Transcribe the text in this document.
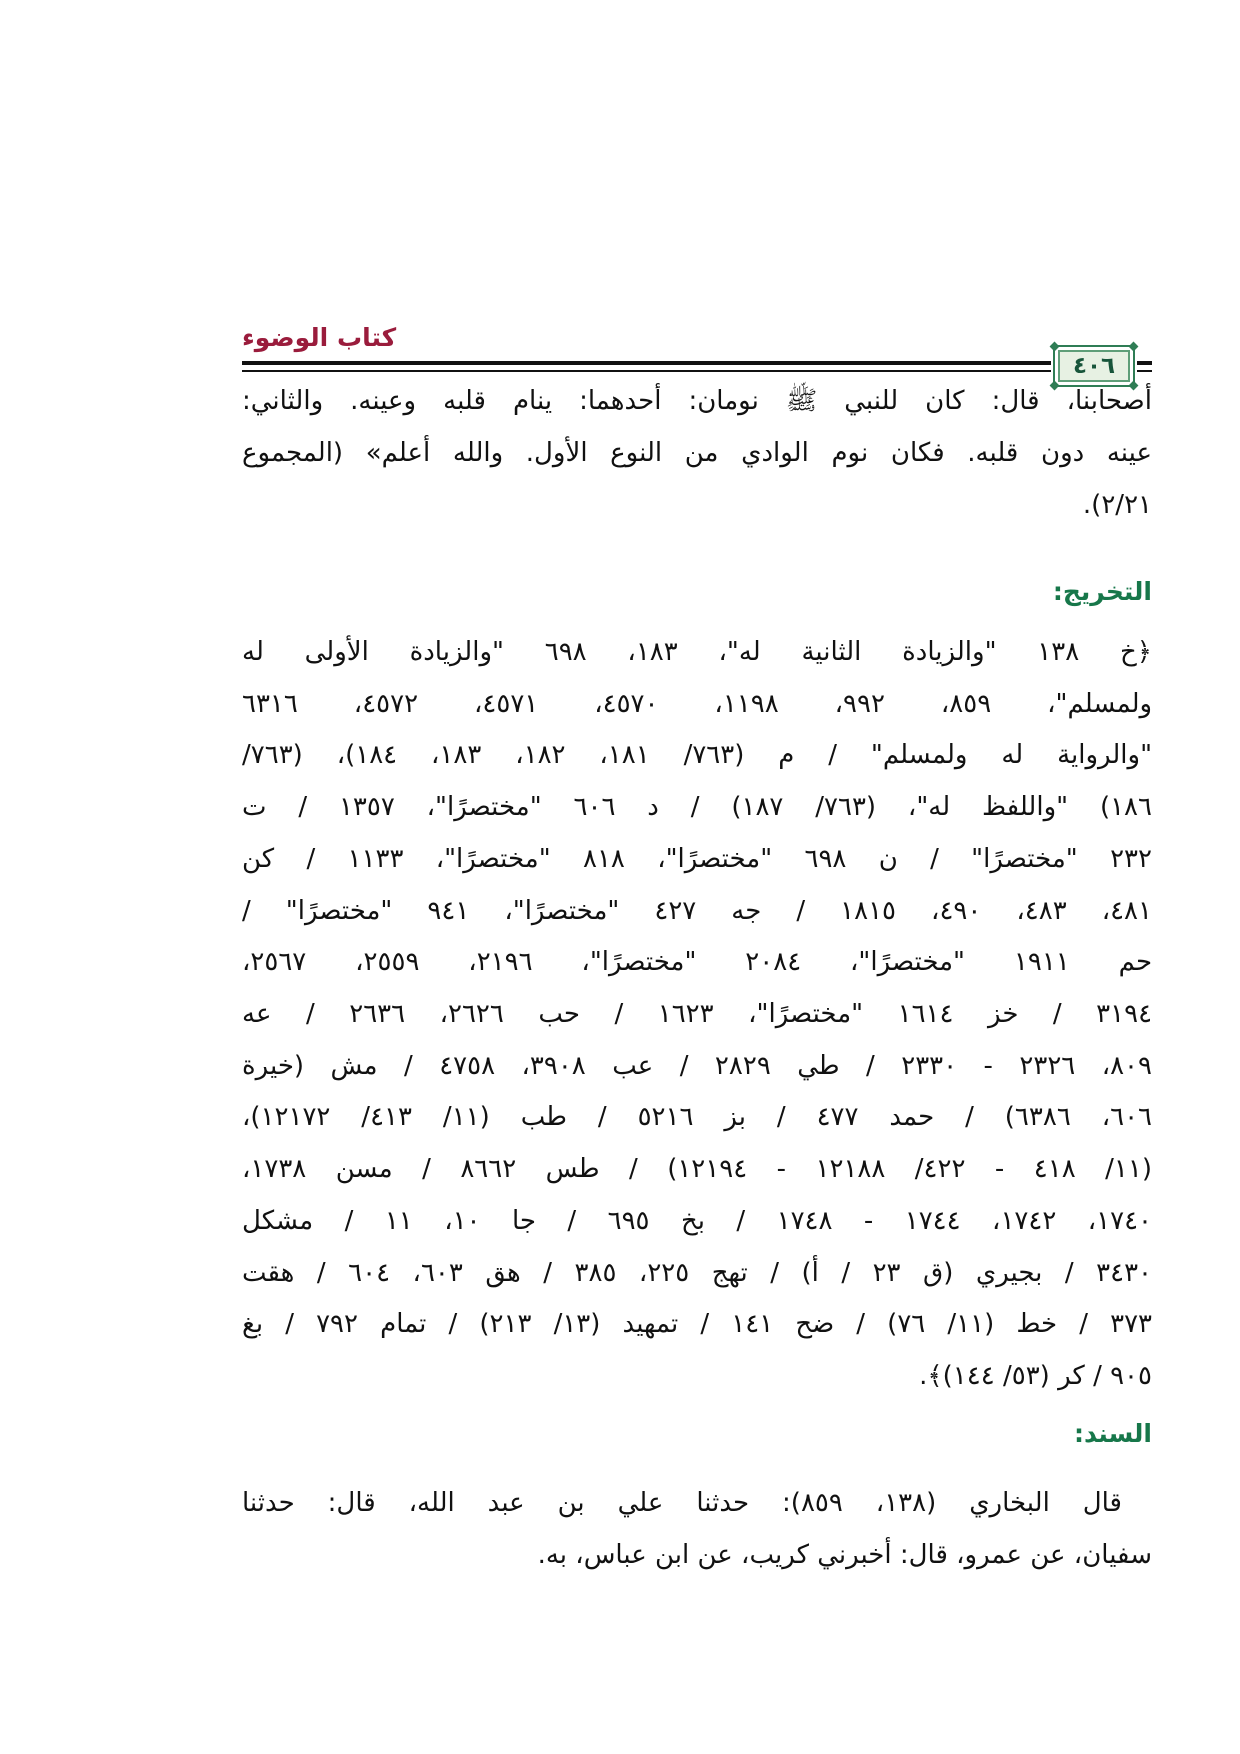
كتاب الوضوء
٤٠٦
أصحابنا، قال: كان للنبي ﷺ نومان: أحدهما: ينام قلبه وعينه. والثاني:
عينه دون قلبه. فكان نوم الوادي من النوع الأول. والله أعلم» (المجموع
٢/٢١).
التخريج:
﴿خ ١٣٨ "والزيادة الثانية له"، ١٨٣، ٦٩٨ "والزيادة الأولى له
ولمسلم"، ٨٥٩، ٩٩٢، ١١٩٨، ٤٥٧٠، ٤٥٧١، ٤٥٧٢، ٦٣١٦
"والرواية له ولمسلم" / م (٧٦٣/ ١٨١، ١٨٢، ١٨٣، ١٨٤)، (٧٦٣/
١٨٦) "واللفظ له"، (٧٦٣/ ١٨٧) / د ٦٠٦ "مختصرًا"، ١٣٥٧ / ت
٢٣٢ "مختصرًا" / ن ٦٩٨ "مختصرًا"، ٨١٨ "مختصرًا"، ١١٣٣ / كن
٤٨١، ٤٨٣، ٤٩٠، ١٨١٥ / جه ٤٢٧ "مختصرًا"، ٩٤١ "مختصرًا" /
حم ١٩١١ "مختصرًا"، ٢٠٨٤ "مختصرًا"، ٢١٩٦، ٢٥٥٩، ٢٥٦٧،
٣١٩٤ / خز ١٦١٤ "مختصرًا"، ١٦٢٣ / حب ٢٦٢٦، ٢٦٣٦ / عه
٨٠٩، ٢٣٢٦ - ٢٣٣٠ / طي ٢٨٢٩ / عب ٣٩٠٨، ٤٧٥٨ / مش (خيرة
٦٠٦، ٦٣٨٦) / حمد ٤٧٧ / بز ٥٢١٦ / طب (١١/ ٤١٣/ ١٢١٧٢)،
(١١/ ٤١٨ - ٤٢٢/ ١٢١٨٨ - ١٢١٩٤) / طس ٨٦٦٢ / مسن ١٧٣٨،
١٧٤٠، ١٧٤٢، ١٧٤٤ - ١٧٤٨ / بخ ٦٩٥ / جا ١٠، ١١ / مشكل
٣٤٣٠ / بجيري (ق ٢٣ / أ) / تهج ٢٢٥، ٣٨٥ / هق ٦٠٣، ٦٠٤ / هقت
٣٧٣ / خط (١١/ ٧٦) / ضح ١٤١ / تمهيد (١٣/ ٢١٣) / تمام ٧٩٢ / بغ
٩٠٥ / كر (٥٣/ ١٤٤)﴾.
السند:
قال البخاري (١٣٨، ٨٥٩): حدثنا علي بن عبد الله، قال: حدثنا
سفيان، عن عمرو، قال: أخبرني كريب، عن ابن عباس، به.
